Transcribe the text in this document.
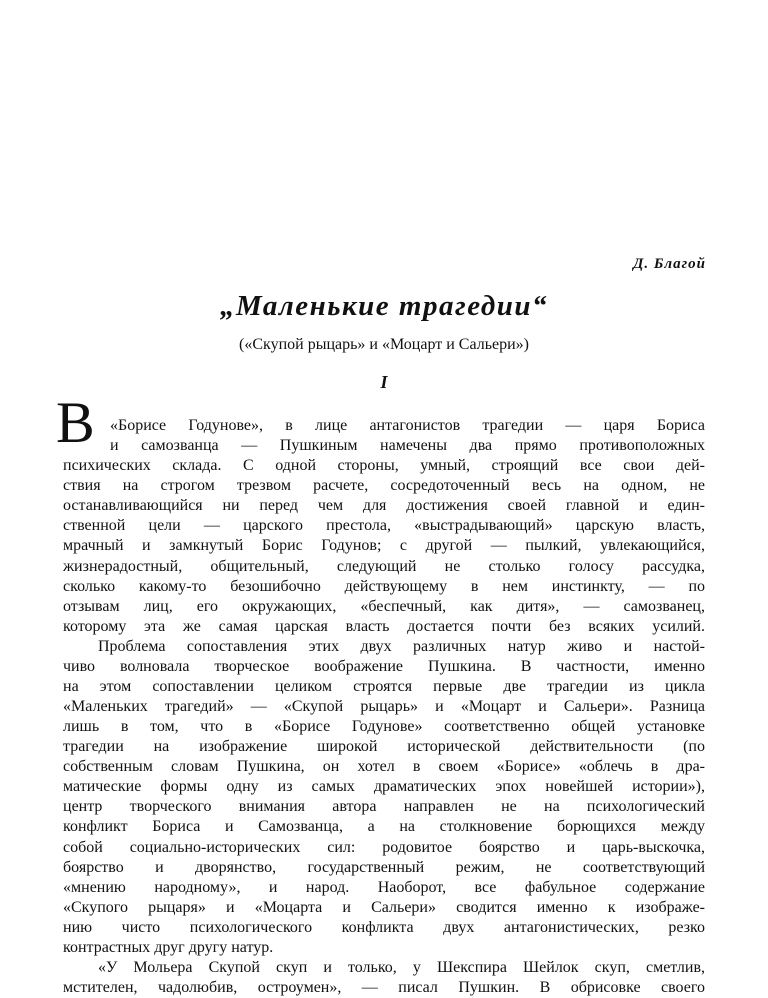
Д. Благой
„Маленькие трагедии“
(«Скупой рыцарь» и «Моцарт и Сальери»)
I
В «Борисе Годунове», в лице антагонистов трагедии — царя Бориса
и самозванца — Пушкиным намечены два прямо противоположных
психических склада. С одной стороны, умный, строящий все свои дей-
ствия на строгом трезвом расчете, сосредоточенный весь на одном, не
останавливающийся ни перед чем для достижения своей главной и един-
ственной цели — царского престола, «выстрадывающий» царскую власть,
мрачный и замкнутый Борис Годунов; с другой — пылкий, увлекающийся,
жизнерадостный, общительный, следующий не столько голосу рассудка,
сколько какому-то безошибочно действующему в нем инстинкту, — по
отзывам лиц, его окружающих, «беспечный, как дитя», — самозванец,
которому эта же самая царская власть достается почти без всяких усилий.
Проблема сопоставления этих двух различных натур живо и настой-
чиво волновала творческое воображение Пушкина. В частности, именно
на этом сопоставлении целиком строятся первые две трагедии из цикла
«Маленьких трагедий» — «Скупой рыцарь» и «Моцарт и Сальери». Разница
лишь в том, что в «Борисе Годунове» соответственно общей установке
трагедии на изображение широкой исторической действительности (по
собственным словам Пушкина, он хотел в своем «Борисе» «облечь в дра-
матические формы одну из самых драматических эпох новейшей истории»),
центр творческого внимания автора направлен не на психологический
конфликт Бориса и Самозванца, а на столкновение борющихся между
собой социально-исторических сил: родовитое боярство и царь-выскочка,
боярство и дворянство, государственный режим, не соответствующий
«мнению народному», и народ. Наоборот, все фабульное содержание
«Скупого рыцаря» и «Моцарта и Сальери» сводится именно к изображе-
нию чисто психологического конфликта двух антагонистических, резко
контрастных друг другу натур.
«У Мольера Скупой скуп и только, у Шекспира Шейлок скуп, сметлив,
мстителен, чадолюбив, остроумен», — писал Пушкин. В обрисовке своего
